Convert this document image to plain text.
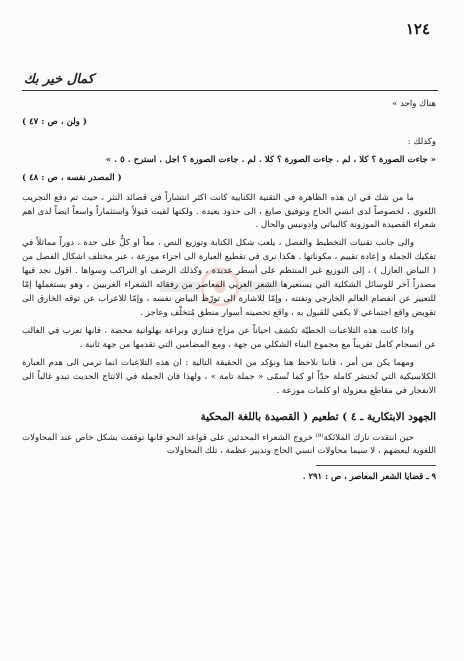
١٢٤
كمال خير بك

هناك واحد »

( ولن ، ص : ٤٧ )

وكذلك :

« جاءت الصورة ؟ كلا ، لم . جاءت الصورة ؟ كلا . لم . جاءت الصورة ؟ اجل . استرح . ٥ . »

( المصدر نفسه ، ص : ٤٨ )

ما من شك في ان هذه الظاهرة في التقنية الكتابية كانت اكثر انتشاراً في قصائد النثر ، حيث تم دفع التجريب اللغوي ، لخصوصاً لدى انسي الحاج وتوفيق صايغ ، الى حدود بعيدة . ولكنها لقيت قبولاً واستثماراً واسعاً ايضاً لدى اهم شعراء القصيدة الموزونة كالبياتي وادونيس والحال .

والى جانب تقنيات التخطيط والفصل ، يلعب شكل الكتابة وتوزيع النص ، معاً او كلٌّ على حدة ، دوراً مماثلاً في تفكيك الجملة و إعادة تقييم ، مكوناتها . هكذا نرى في تقطيع العبارة الى اجزاء موزعة ، عبر مختلف اشكال الفصل من ( البياض العازل ) ، إلى التوزيع غير المنتظم على أسطر عديدة ، وكذلك الرصف او التراكب وسواها . اقول نجد فيها مصدراً آخر للوسائل الشكلية التي يستعيرها الشعر العربي المعاصر من رفقائه الشعراء الغربيين ، وهو يستعملها إمّا للتعبير عن انفصام العالم الخارجي وتفتته ، وإمّا للاشارة الى تورّط البياض نفسه ، وإمّا للاعراب عن توقه الخارق الى تقويض واقع اجتماعي لا يكفي للقبول به ، واقع تحصينه أسوار منطق مُتخلّف وعاجز .

واذا كانت هذه التلاعبات الخطيّة تكشف احياناً عن مزاج فنتازي وبراعة بهلوانية محضة ، فانها تعرب في الغالب عن انسجام كامل تقريباً مع مجموع البناء الشكلي من جهة ، ومع المضامين التي تقدمها من جهة ثانية .

ومهما يكن من أمر ، فاننا نلاحظ هنا ونؤكد من الحقيقة التالية : ان هذه التلاعبات انما ترمي الى هدم العبارة الكلاسيكية التي تُختصَر كاملة حدّاً او كما تُسمّى « جملة تامة » ، ولهذا فان الجملة في الانتاج الحديث تبدو غالباً الى الانفجار في مقاطع معزولة او كلمات موزعة .

الجهود الابتكارية ـ ٤ ) تطعيم ( القصيدة باللغة المحكية

حين انتقدت نازك الملائكة⁽⁹⁾ خروج الشعراء المحدثين على قواعد النحو فانها توقفت بشكل خاص عند المحاولات اللغوية لبعضهم ، لا سيما محاولات انسي الحاج وتدبير عظمة ، تلك المحاولات

٩ ـ قضايا الشعر المعاصر ، ص : ٢٩١ .
